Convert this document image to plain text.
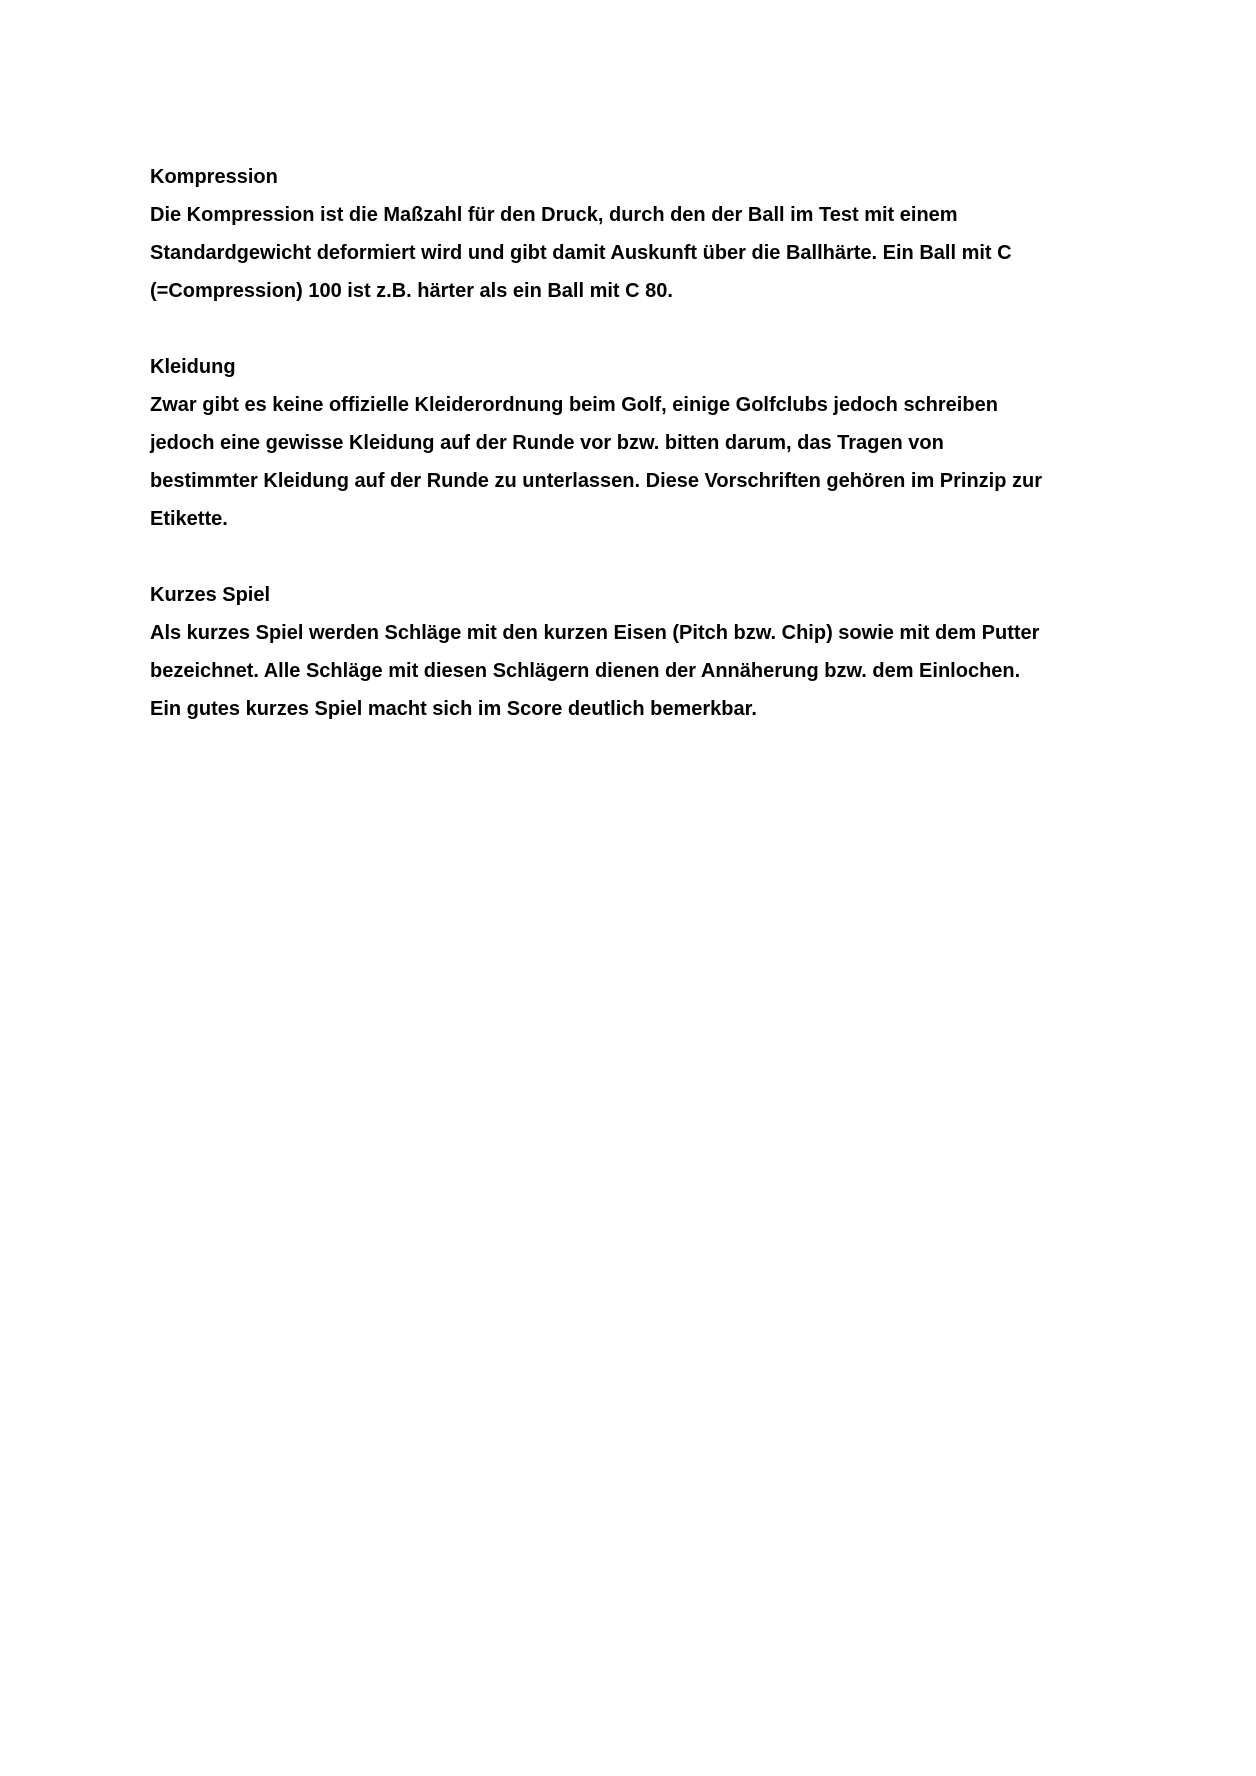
Kompression
Die Kompression ist die Maßzahl für den Druck, durch den der Ball im Test mit einem
Standardgewicht deformiert wird und gibt damit Auskunft über die Ballhärte. Ein Ball mit C
(=Compression) 100 ist z.B. härter als ein Ball mit C 80.
Kleidung
Zwar gibt es keine offizielle Kleiderordnung beim Golf, einige Golfclubs jedoch schreiben
jedoch eine gewisse Kleidung auf der Runde vor bzw. bitten darum, das Tragen von
bestimmter Kleidung auf der Runde zu unterlassen. Diese Vorschriften gehören im Prinzip zur
Etikette.
Kurzes Spiel
Als kurzes Spiel werden Schläge mit den kurzen Eisen (Pitch bzw. Chip) sowie mit dem Putter
bezeichnet. Alle Schläge mit diesen Schlägern dienen der Annäherung bzw. dem Einlochen.
Ein gutes kurzes Spiel macht sich im Score deutlich bemerkbar.
